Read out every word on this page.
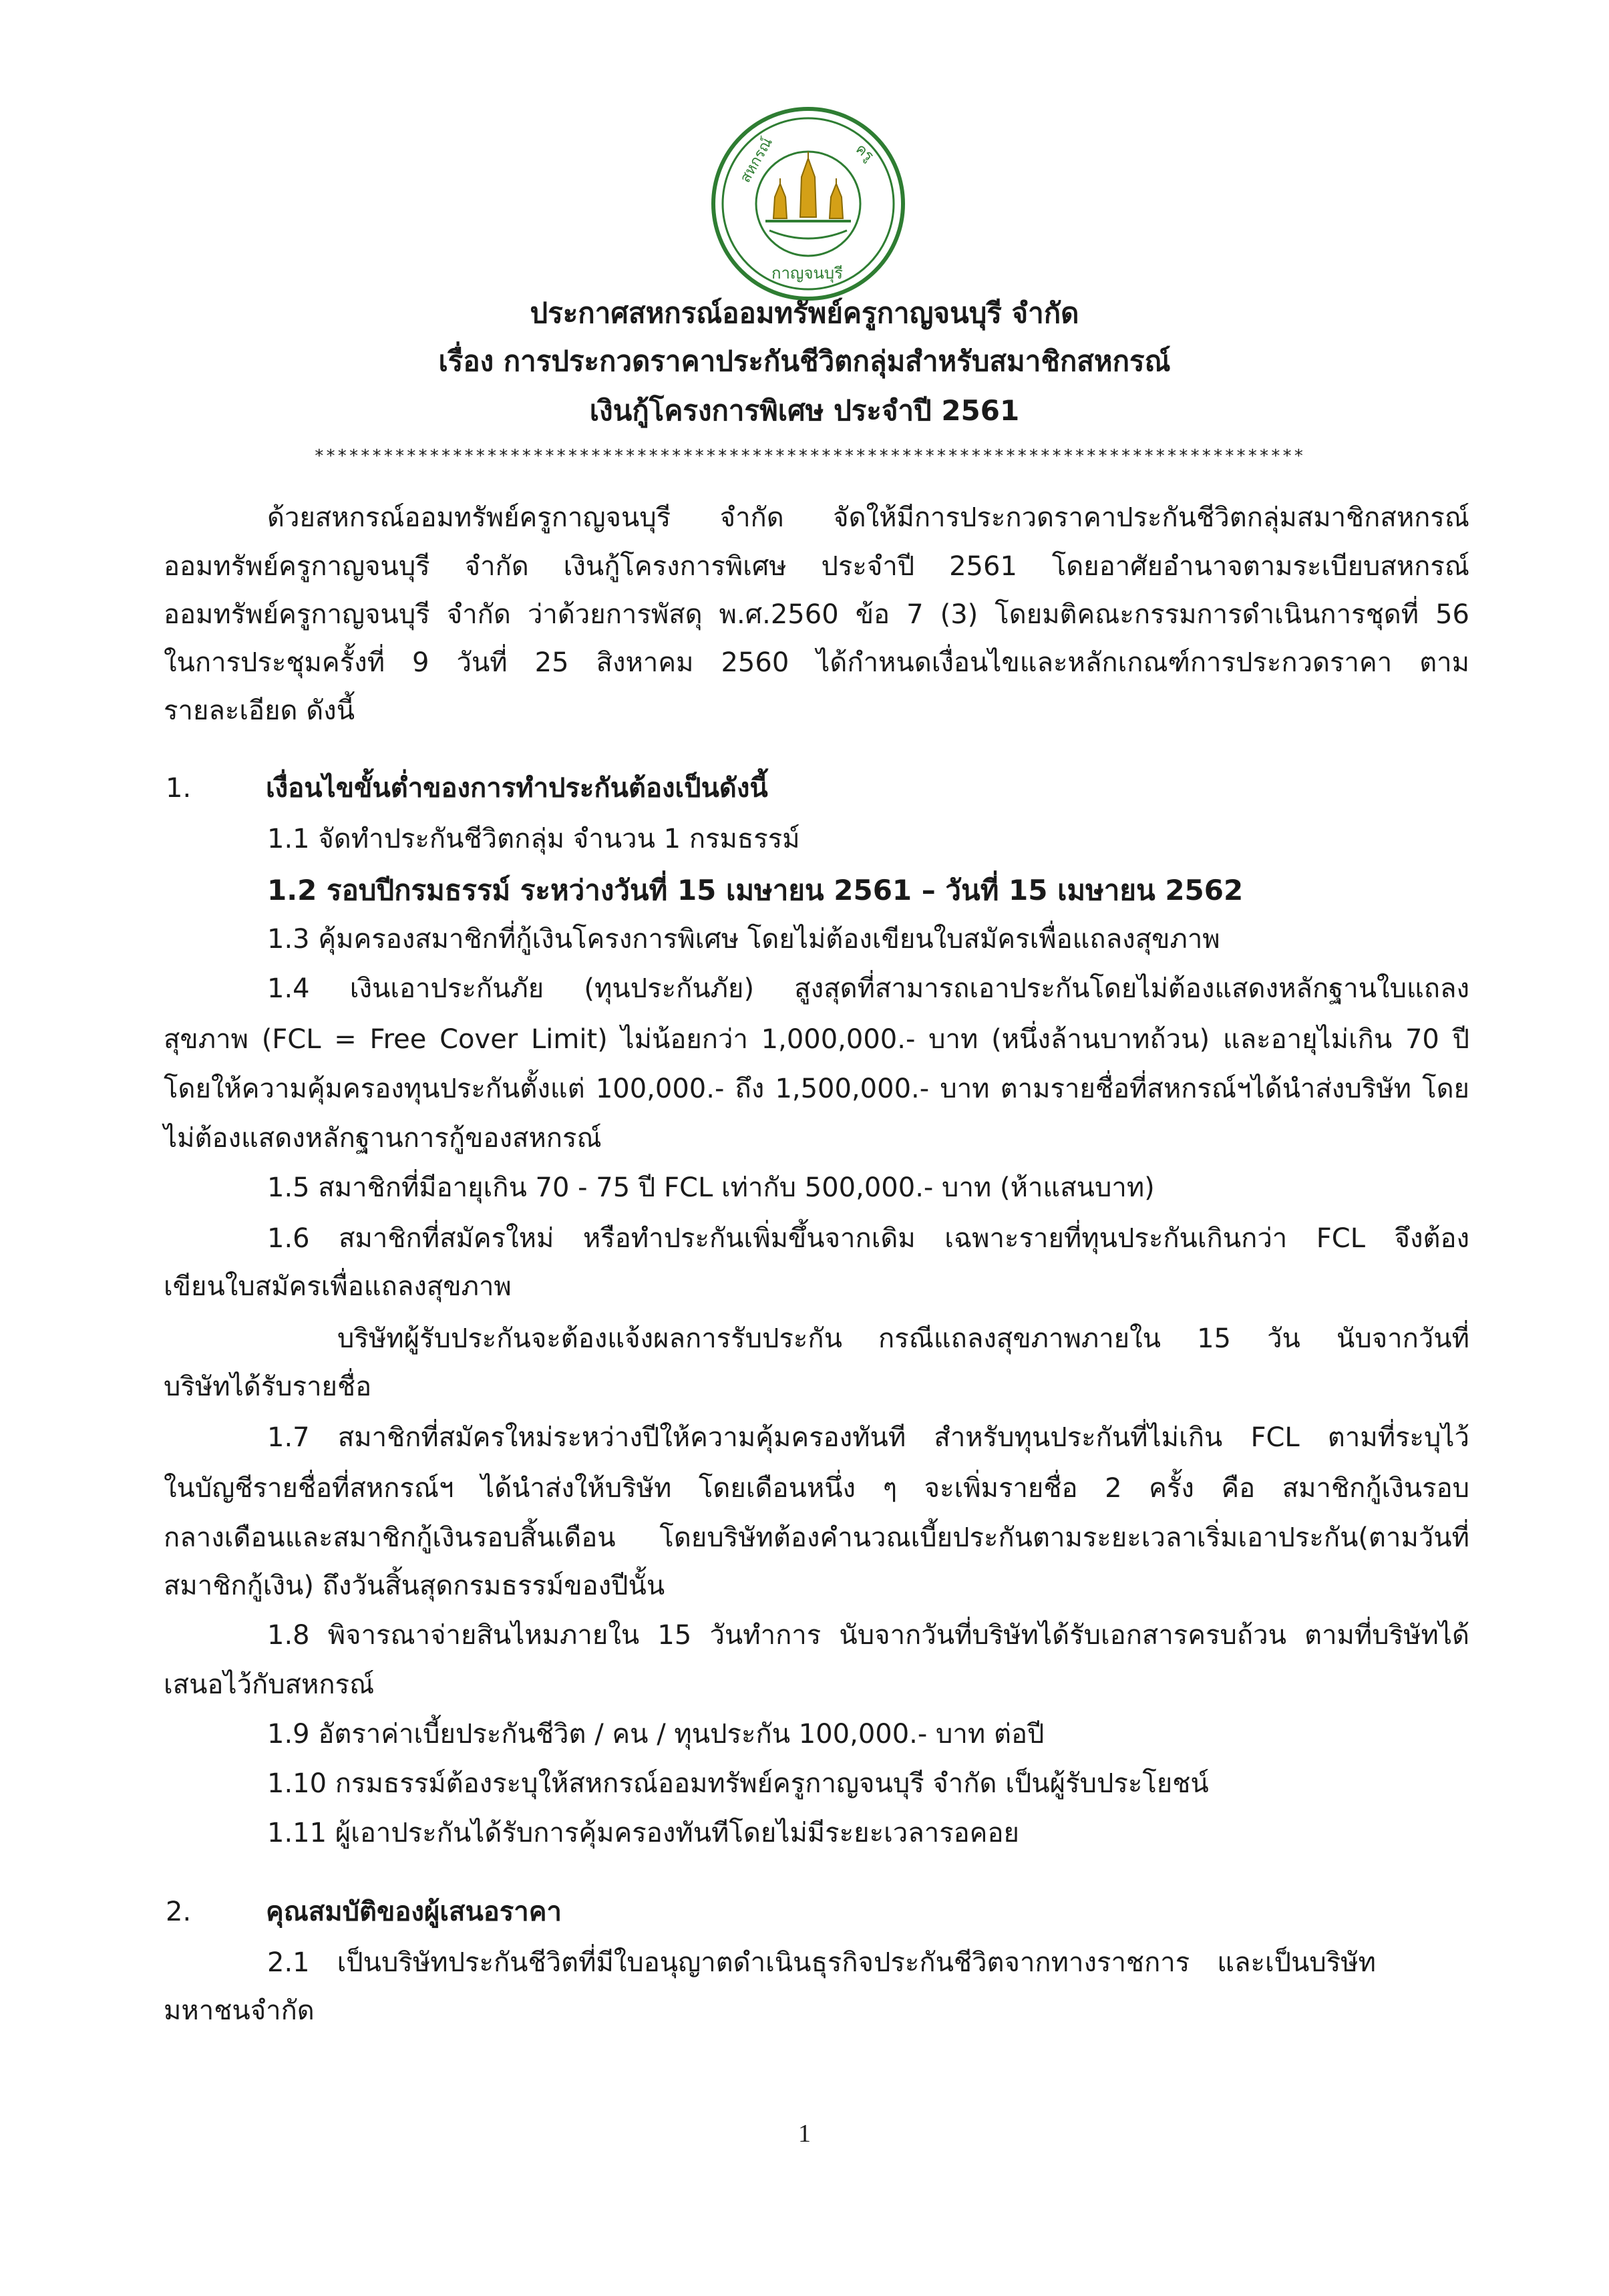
สหกรณ์	ครู
กาญจนบุรี
ประกาศสหกรณ์ออมทรัพย์ครูกาญจนบุรี จำกัด
เรื่อง การประกวดราคาประกันชีวิตกลุ่มสำหรับสมาชิกสหกรณ์
เงินกู้โครงการพิเศษ ประจำปี 2561
**************************************************************************************
ด้วยสหกรณ์ออมทรัพย์ครูกาญจนบุรี จำกัด จัดให้มีการประกวดราคาประกันชีวิตกลุ่มสมาชิกสหกรณ์
ออมทรัพย์ครูกาญจนบุรี จำกัด เงินกู้โครงการพิเศษ ประจำปี 2561 โดยอาศัยอำนาจตามระเบียบสหกรณ์
ออมทรัพย์ครูกาญจนบุรี จำกัด ว่าด้วยการพัสดุ พ.ศ.2560 ข้อ 7 (3) โดยมติคณะกรรมการดำเนินการชุดที่ 56
ในการประชุมครั้งที่ 9 วันที่ 25 สิงหาคม 2560 ได้กำหนดเงื่อนไขและหลักเกณฑ์การประกวดราคา ตาม
รายละเอียด ดังนี้
1.	เงื่อนไขขั้นต่ำของการทำประกันต้องเป็นดังนี้
1.1 จัดทำประกันชีวิตกลุ่ม จำนวน 1 กรมธรรม์
1.2 รอบปีกรมธรรม์ ระหว่างวันที่ 15 เมษายน 2561 – วันที่ 15 เมษายน 2562
1.3 คุ้มครองสมาชิกที่กู้เงินโครงการพิเศษ โดยไม่ต้องเขียนใบสมัครเพื่อแถลงสุขภาพ
1.4 เงินเอาประกันภัย (ทุนประกันภัย) สูงสุดที่สามารถเอาประกันโดยไม่ต้องแสดงหลักฐานใบแถลง
สุขภาพ (FCL = Free Cover Limit) ไม่น้อยกว่า 1,000,000.- บาท (หนึ่งล้านบาทถ้วน) และอายุไม่เกิน 70 ปี
โดยให้ความคุ้มครองทุนประกันตั้งแต่ 100,000.- ถึง 1,500,000.- บาท ตามรายชื่อที่สหกรณ์ฯได้นำส่งบริษัท โดย
ไม่ต้องแสดงหลักฐานการกู้ของสหกรณ์
1.5 สมาชิกที่มีอายุเกิน 70 - 75 ปี FCL เท่ากับ 500,000.- บาท (ห้าแสนบาท)
1.6 สมาชิกที่สมัครใหม่ หรือทำประกันเพิ่มขึ้นจากเดิม เฉพาะรายที่ทุนประกันเกินกว่า FCL จึงต้อง
เขียนใบสมัครเพื่อแถลงสุขภาพ
บริษัทผู้รับประกันจะต้องแจ้งผลการรับประกัน กรณีแถลงสุขภาพภายใน 15 วัน นับจากวันที่
บริษัทได้รับรายชื่อ
1.7 สมาชิกที่สมัครใหม่ระหว่างปีให้ความคุ้มครองทันที สำหรับทุนประกันที่ไม่เกิน FCL ตามที่ระบุไว้
ในบัญชีรายชื่อที่สหกรณ์ฯ ได้นำส่งให้บริษัท โดยเดือนหนึ่ง ๆ จะเพิ่มรายชื่อ 2 ครั้ง คือ สมาชิกกู้เงินรอบ
กลางเดือนและสมาชิกกู้เงินรอบสิ้นเดือน โดยบริษัทต้องคำนวณเบี้ยประกันตามระยะเวลาเริ่มเอาประกัน(ตามวันที่
สมาชิกกู้เงิน) ถึงวันสิ้นสุดกรมธรรม์ของปีนั้น
1.8 พิจารณาจ่ายสินไหมภายใน 15 วันทำการ นับจากวันที่บริษัทได้รับเอกสารครบถ้วน ตามที่บริษัทได้
เสนอไว้กับสหกรณ์
1.9 อัตราค่าเบี้ยประกันชีวิต / คน / ทุนประกัน 100,000.- บาท ต่อปี
1.10 กรมธรรม์ต้องระบุให้สหกรณ์ออมทรัพย์ครูกาญจนบุรี จำกัด เป็นผู้รับประโยชน์
1.11 ผู้เอาประกันได้รับการคุ้มครองทันทีโดยไม่มีระยะเวลารอคอย
2.	คุณสมบัติของผู้เสนอราคา
2.1 เป็นบริษัทประกันชีวิตที่มีใบอนุญาตดำเนินธุรกิจประกันชีวิตจากทางราชการ และเป็นบริษัท
มหาชนจำกัด
1
